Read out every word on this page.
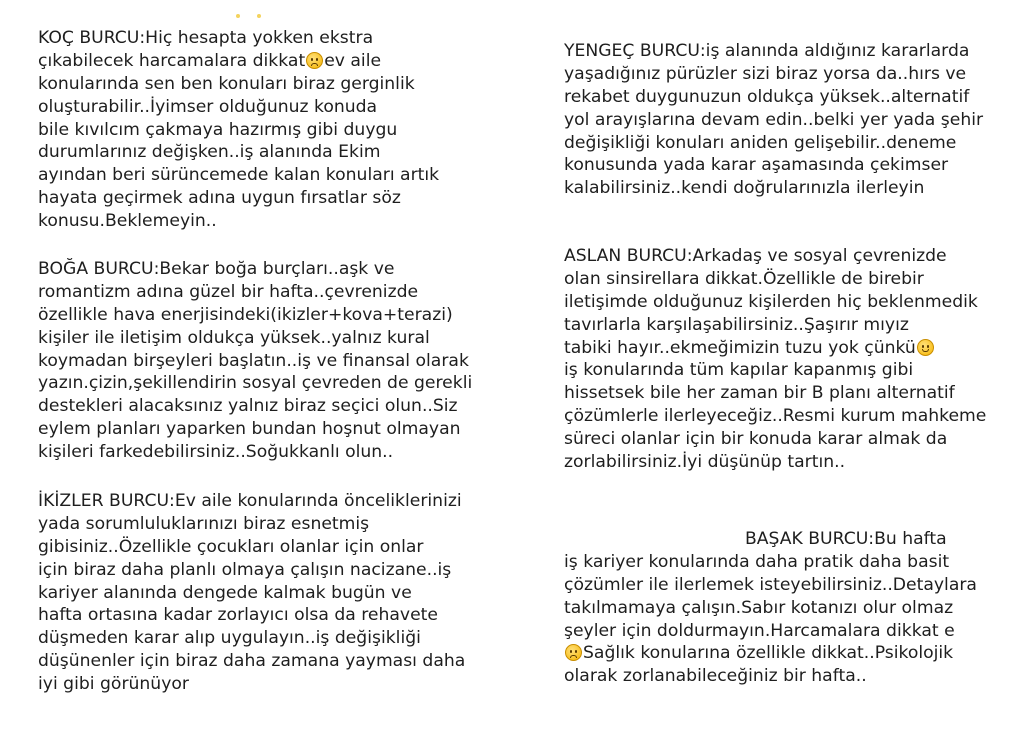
KOÇ BURCU:Hiç hesapta yokken ekstra
çıkabilecek harcamalara dikkat ev aile
konularında sen ben konuları biraz gerginlik
oluşturabilir..İyimser olduğunuz konuda
bile kıvılcım çakmaya hazırmış gibi duygu
durumlarınız değişken..iş alanında Ekim
ayından beri sürüncemede kalan konuları artık
hayata geçirmek adına uygun fırsatlar söz
konusu.Beklemeyin..
BOĞA BURCU:Bekar boğa burçları..aşk ve
romantizm adına güzel bir hafta..çevrenizde
özellikle hava enerjisindeki(ikizler+kova+terazi)
kişiler ile iletişim oldukça yüksek..yalnız kural
koymadan birşeyleri başlatın..iş ve finansal olarak
yazın.çizin,şekillendirin sosyal çevreden de gerekli
destekleri alacaksınız yalnız biraz seçici olun..Siz
eylem planları yaparken bundan hoşnut olmayan
kişileri farkedebilirsiniz..Soğukkanlı olun..
İKİZLER BURCU:Ev aile konularında önceliklerinizi
yada sorumluluklarınızı biraz esnetmiş
gibisiniz..Özellikle çocukları olanlar için onlar
için biraz daha planlı olmaya çalışın nacizane..iş
kariyer alanında dengede kalmak bugün ve
hafta ortasına kadar zorlayıcı olsa da rehavete
düşmeden karar alıp uygulayın..iş değişikliği
düşünenler için biraz daha zamana yayması daha
iyi gibi görünüyor
YENGEÇ BURCU:iş alanında aldığınız kararlarda
yaşadığınız pürüzler sizi biraz yorsa da..hırs ve
rekabet duygunuzun oldukça yüksek..alternatif
yol arayışlarına devam edin..belki yer yada şehir
değişikliği konuları aniden gelişebilir..deneme
konusunda yada karar aşamasında çekimser
kalabilirsiniz..kendi doğrularınızla ilerleyin
ASLAN BURCU:Arkadaş ve sosyal çevrenizde
olan sinsirellara dikkat.Özellikle de birebir
iletişimde olduğunuz kişilerden hiç beklenmedik
tavırlarla karşılaşabilirsiniz..Şaşırır mıyız
tabiki hayır..ekmeğimizin tuzu yok çünkü
iş konularında tüm kapılar kapanmış gibi
hissetsek bile her zaman bir B planı alternatif
çözümlerle ilerleyeceğiz..Resmi kurum mahkeme
süreci olanlar için bir konuda karar almak da
zorlabilirsiniz.İyi düşünüp tartın..
BAŞAK BURCU:Bu hafta
iş kariyer konularında daha pratik daha basit
çözümler ile ilerlemek isteyebilirsiniz..Detaylara
takılmamaya çalışın.Sabır kotanızı olur olmaz
şeyler için doldurmayın.Harcamalara dikkat e
Sağlık konularına özellikle dikkat..Psikolojik
olarak zorlanabileceğiniz bir hafta..
